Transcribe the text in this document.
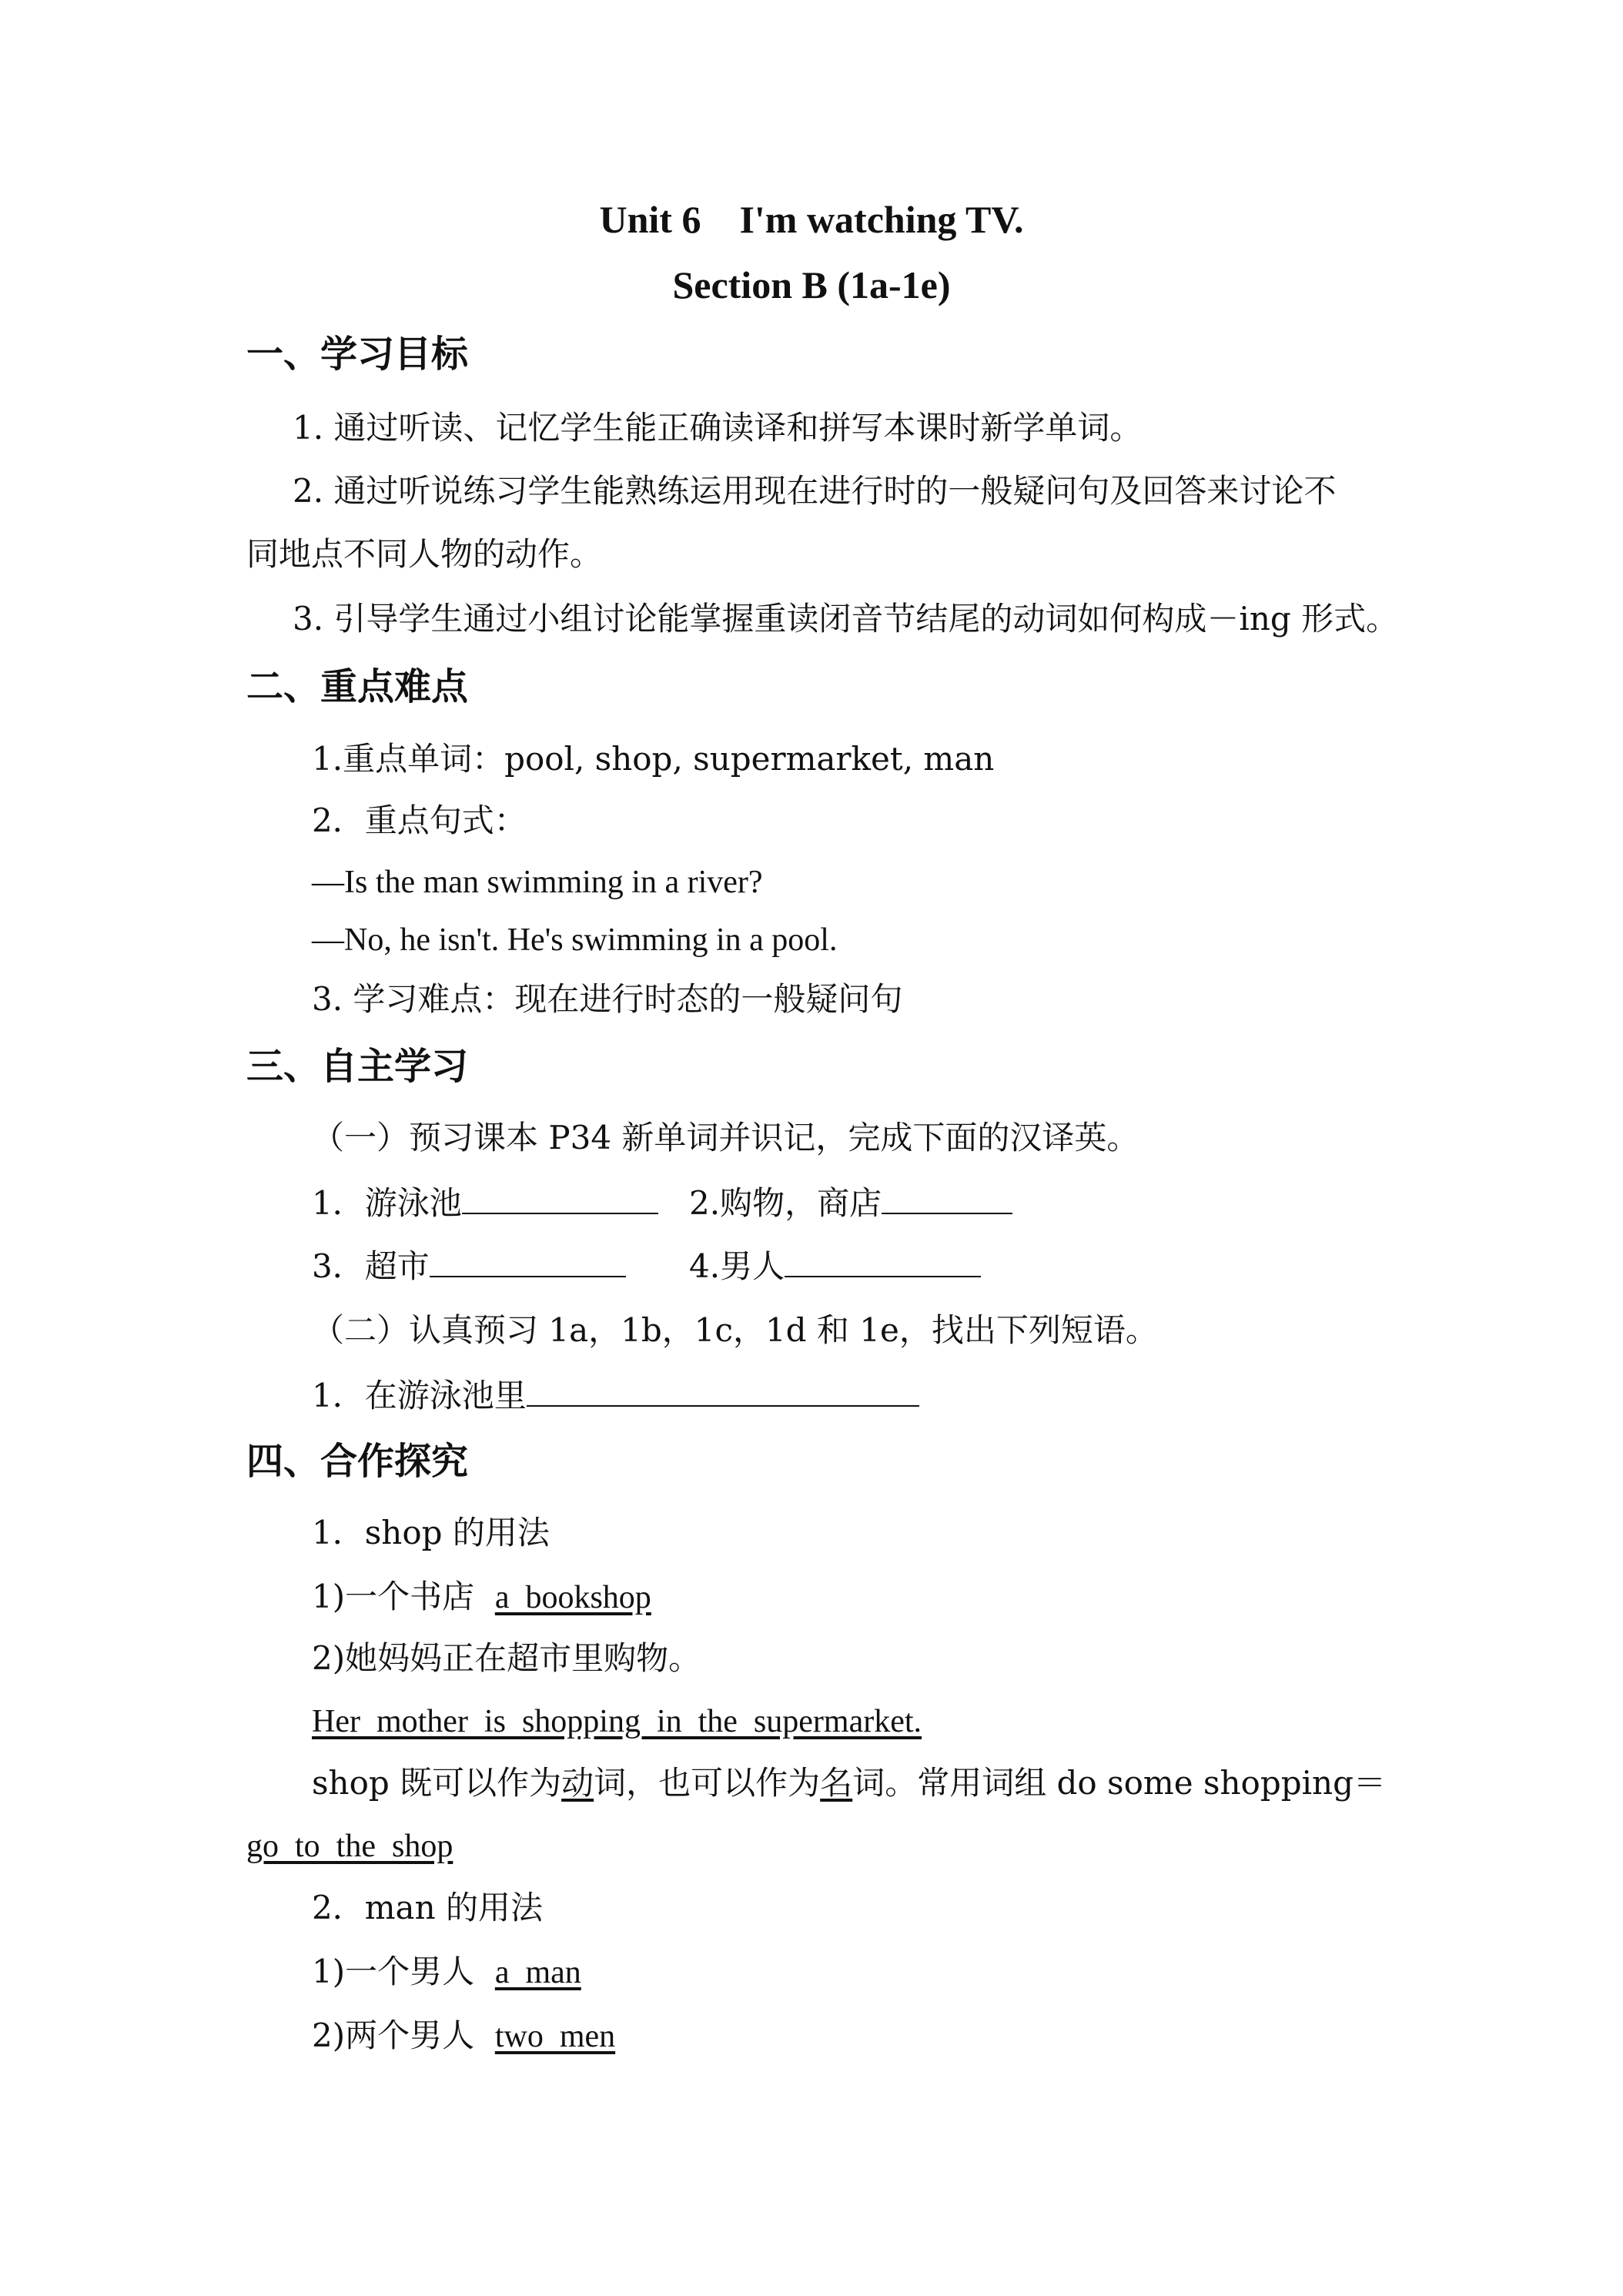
Unit 6　I'm watching TV.
Section B (1a-1e)
一、学习目标
1. 通过听读、记忆学生能正确读译和拼写本课时新学单词。
2. 通过听说练习学生能熟练运用现在进行时的一般疑问句及回答来讨论不
同地点不同人物的动作。
3. 引导学生通过小组讨论能掌握重读闭音节结尾的动词如何构成－ing 形式。
二、重点难点
1.重点单词：pool, shop, supermarket, man
2．重点句式：
—Is the man swimming in a river?
—No, he isn't. He's swimming in a pool.
3. 学习难点：现在进行时态的一般疑问句
三、自主学习
（一）预习课本 P34 新单词并识记，完成下面的汉译英。
1．游泳池	2.购物，商店
3．超市	4.男人
（二）认真预习 1a，1b，1c，1d 和 1e，找出下列短语。
1．在游泳池里
四、合作探究
1．shop 的用法
1)一个书店 a  bookshop
2)她妈妈正在超市里购物。
Her  mother  is  shopping  in  the  supermarket.
shop 既可以作为动词，也可以作为名词。常用词组 do some shopping＝
go  to  the  shop
2．man 的用法
1)一个男人 a  man
2)两个男人 two  men
